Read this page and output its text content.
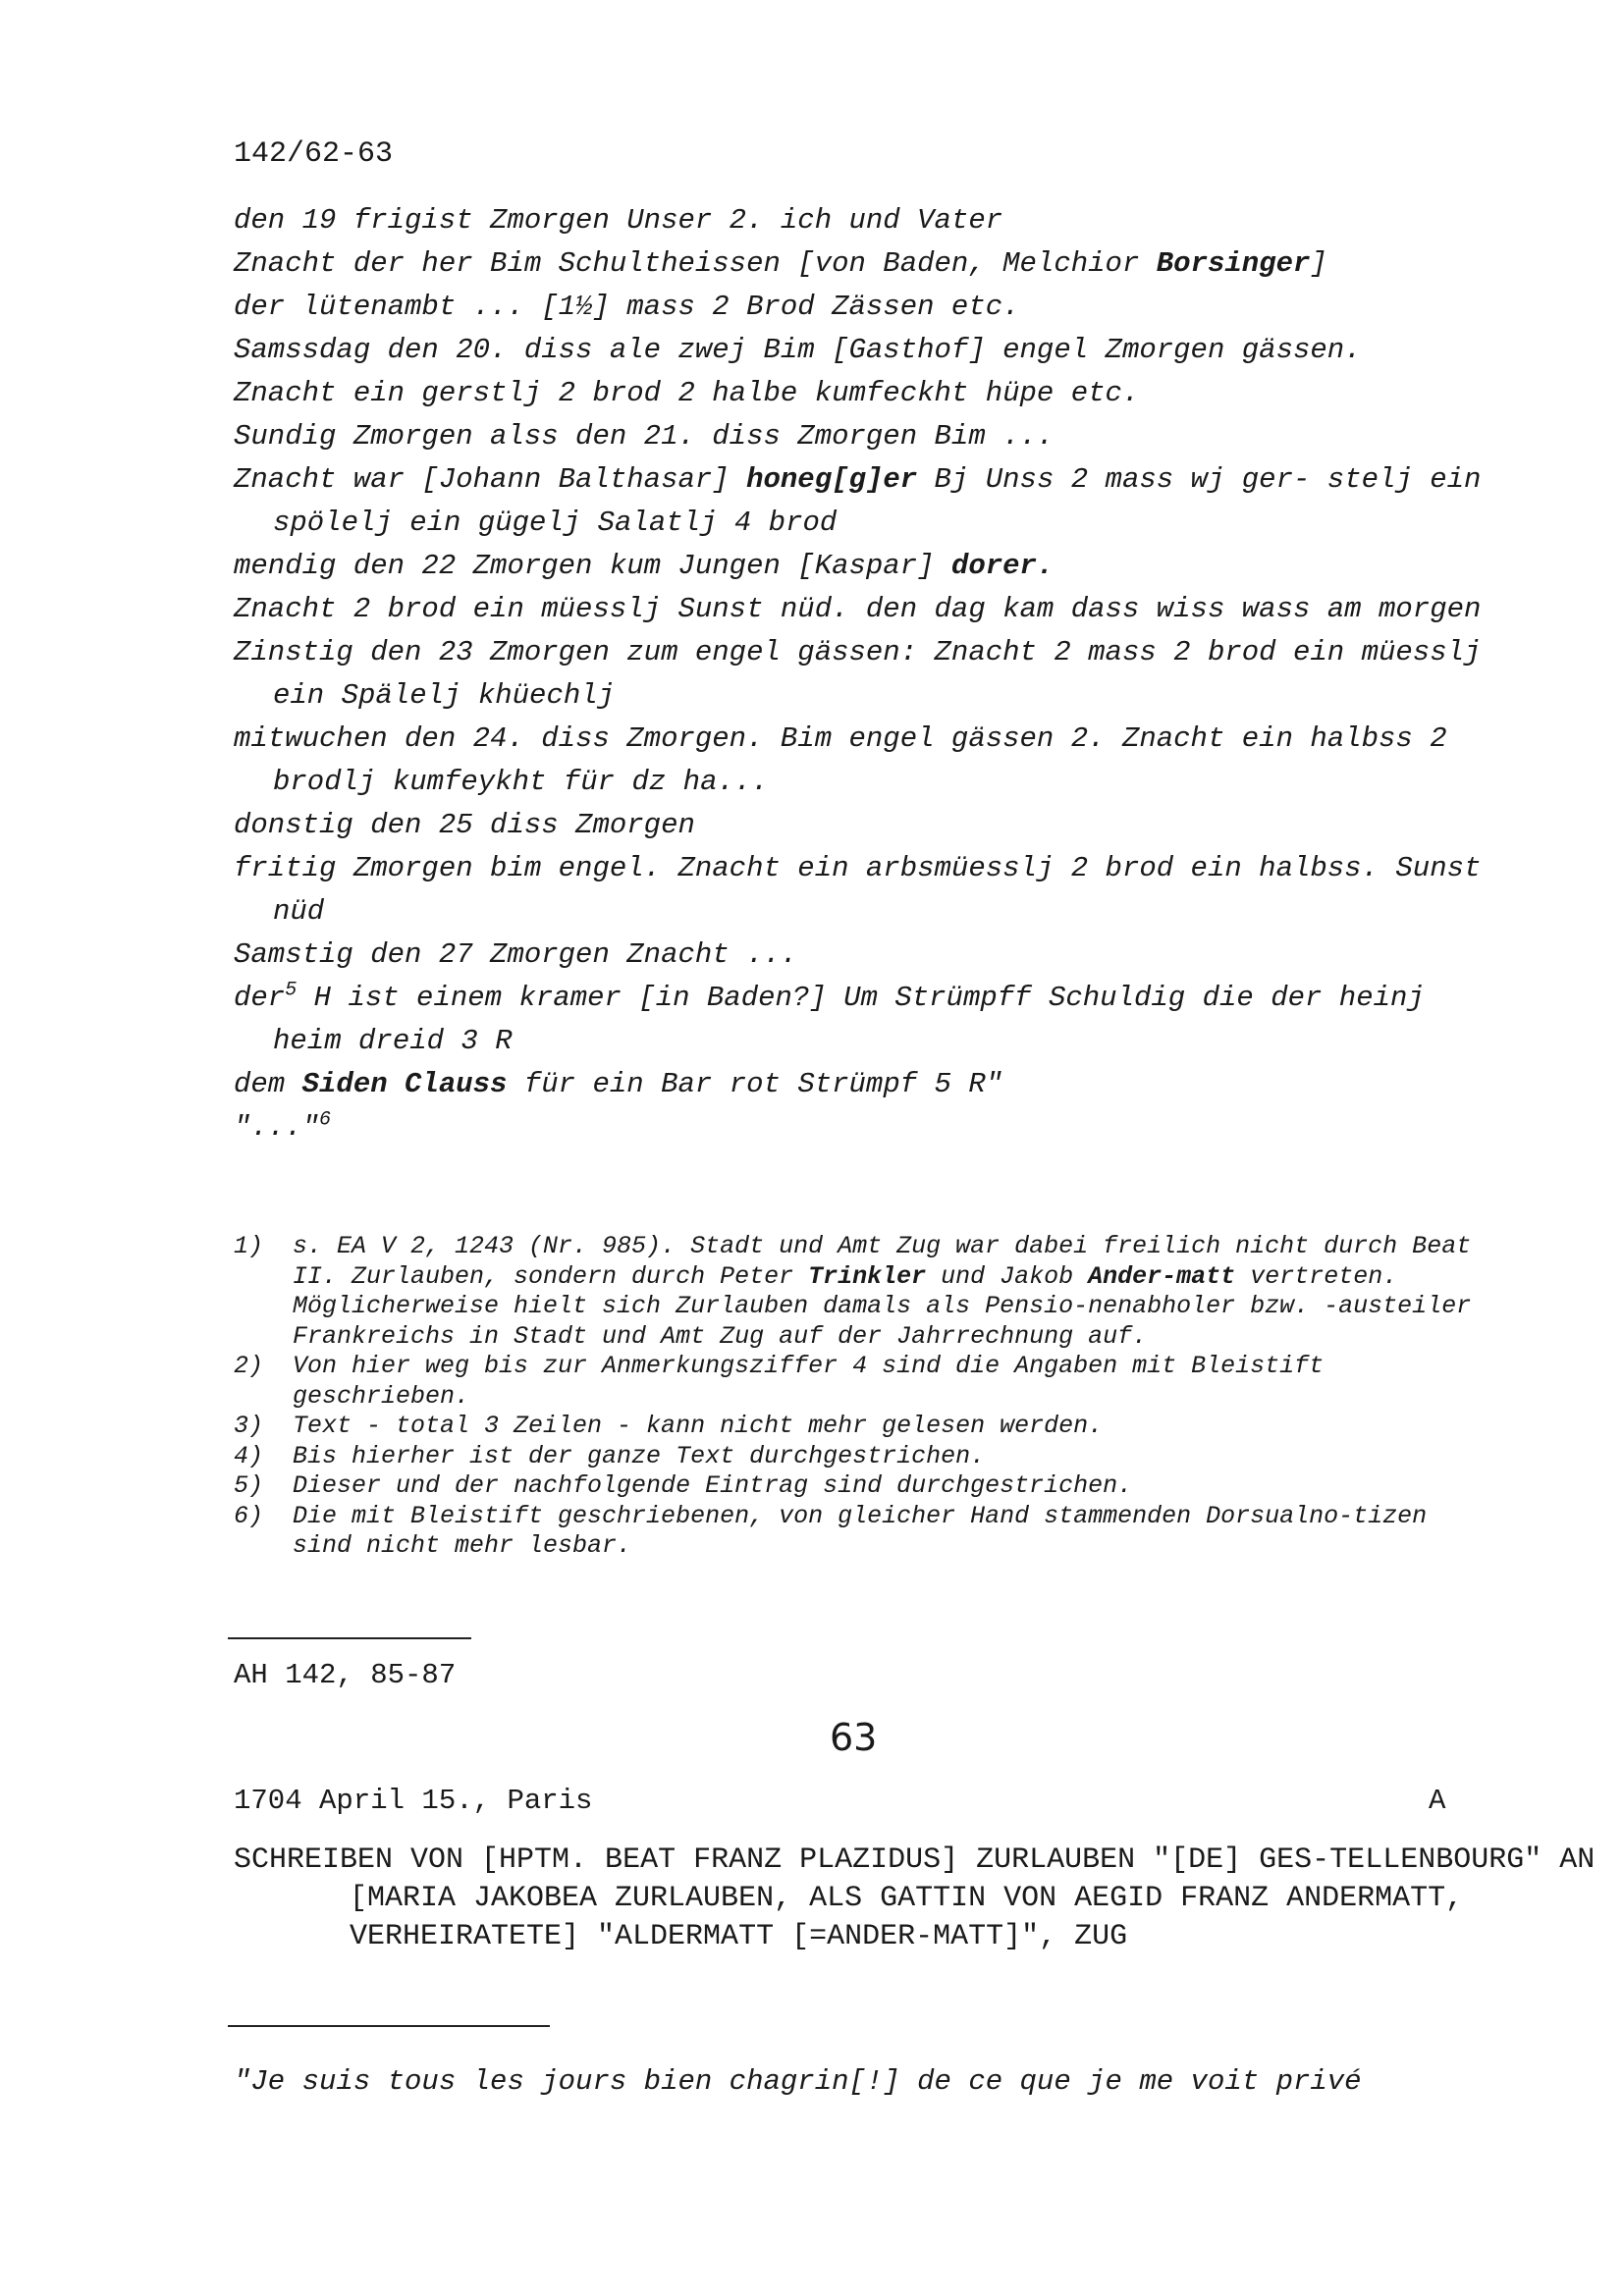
142/62-63
den 19 frigist Zmorgen Unser 2. ich und Vater
Znacht der her Bim Schultheissen [von Baden, Melchior Borsinger]
der lütenambt ... [1½] mass 2 Brod Zässen etc.
Samssdag den 20. diss ale zwej Bim [Gasthof] engel Zmorgen gässen.
Znacht ein gerstlj 2 brod 2 halbe kumfeckht hüpe etc.
Sundig Zmorgen alss den 21. diss Zmorgen Bim ...
Znacht war [Johann Balthasar] honeg[g]er Bj Unss 2 mass wj ger- stelj ein spölelj ein gügelj Salatlj 4 brod
mendig den 22 Zmorgen kum Jungen [Kaspar] dorer.
Znacht 2 brod ein müesslj Sunst nüd. den dag kam dass wiss wass am morgen
Zinstig den 23 Zmorgen zum engel gässen: Znacht 2 mass 2 brod ein müesslj ein Spälelj khüechlj
mitwuchen den 24. diss Zmorgen. Bim engel gässen 2. Znacht ein halbss 2 brodlj kumfeykht für dz ha...
donstig den 25 diss Zmorgen
fritig Zmorgen bim engel. Znacht ein arbsmüesslj 2 brod ein halbss. Sunst nüd
Samstig den 27 Zmorgen Znacht ...
der$^5$ H ist einem kramer [in Baden?] Um Strümpff Schuldig die der heinj heim dreid 3 R
dem Siden Clauss für ein Bar rot Strümpf 5 R"
"..."$^6$
1) s. EA V 2, 1243 (Nr. 985). Stadt und Amt Zug war dabei freilich nicht durch Beat II. Zurlauben, sondern durch Peter Trinkler und Jakob Ander-matt vertreten. Möglicherweise hielt sich Zurlauben damals als Pensio-nenabholer bzw. -austeiler Frankreichs in Stadt und Amt Zug auf der Jahrrechnung auf.
2) Von hier weg bis zur Anmerkungsziffer 4 sind die Angaben mit Bleistift geschrieben.
3) Text - total 3 Zeilen - kann nicht mehr gelesen werden.
4) Bis hierher ist der ganze Text durchgestrichen.
5) Dieser und der nachfolgende Eintrag sind durchgestrichen.
6) Die mit Bleistift geschriebenen, von gleicher Hand stammenden Dorsualno-tizen sind nicht mehr lesbar.
AH 142, 85-87
63
1704 April 15., Paris	A
SCHREIBEN VON [HPTM. BEAT FRANZ PLAZIDUS] ZURLAUBEN "[DE] GES-TELLENBOURG" AN [MARIA JAKOBEA ZURLAUBEN, ALS GATTIN VON AEGID FRANZ ANDERMATT, VERHEIRATETE] "ALDERMATT [=ANDER-MATT]", ZUG
"Je suis tous les jours bien chagrin[!] de ce que je me voit privé
